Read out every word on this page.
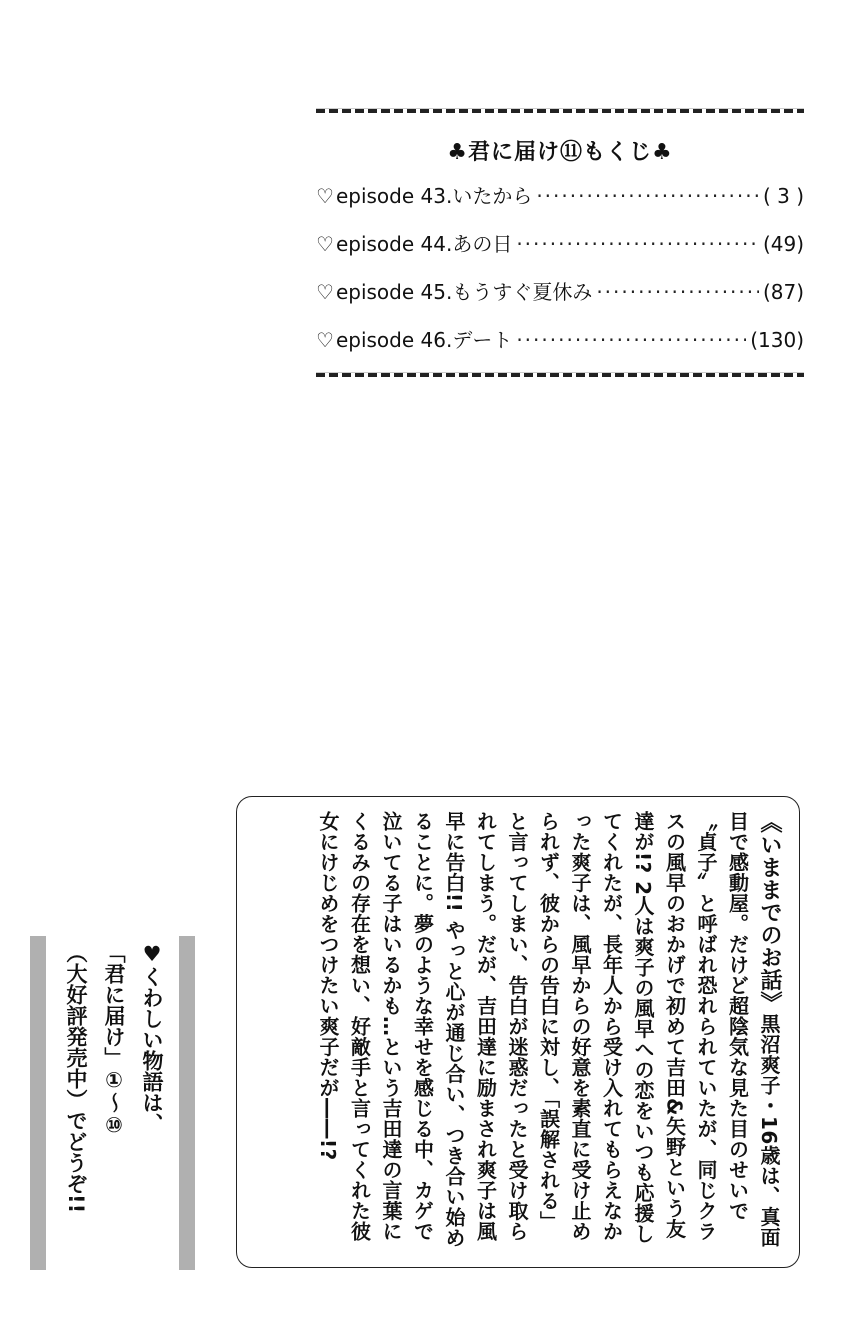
♣君に届け⑪もくじ♣
♡ episode 43.いたから ·····	( 3 )
♡ episode 44.あの日 ·····	(49)
♡ episode 45.もうすぐ夏休み ·····	(87)
♡ episode 46.デート ·····	(130)
《いままでのお話》黒沼爽子・16歳は、真面目で感動屋。だけど超陰気な見た目のせいで〝貞子〟と呼ばれ恐れられていたが、同じクラスの風早のおかげで初めて吉田&矢野という友達が!? 2人は爽子の風早への恋をいつも応援してくれたが、長年人から受け入れてもらえなかった爽子は、風早からの好意を素直に受け止められず、彼からの告白に対し、「誤解される」と言ってしまい、告白が迷惑だったと受け取られてしまう。だが、吉田達に励まされ爽子は風早に告白!! やっと心が通じ合い、つき合い始めることに。夢のような幸せを感じる中、カゲで泣いてる子はいるかも…という吉田達の言葉にくるみの存在を想い、好敵手と言ってくれた彼女にけじめをつけたい爽子だが――!?
♥くわしい物語は、
「君に届け」①〜⑩
（大好評発売中）でどうぞ!!
